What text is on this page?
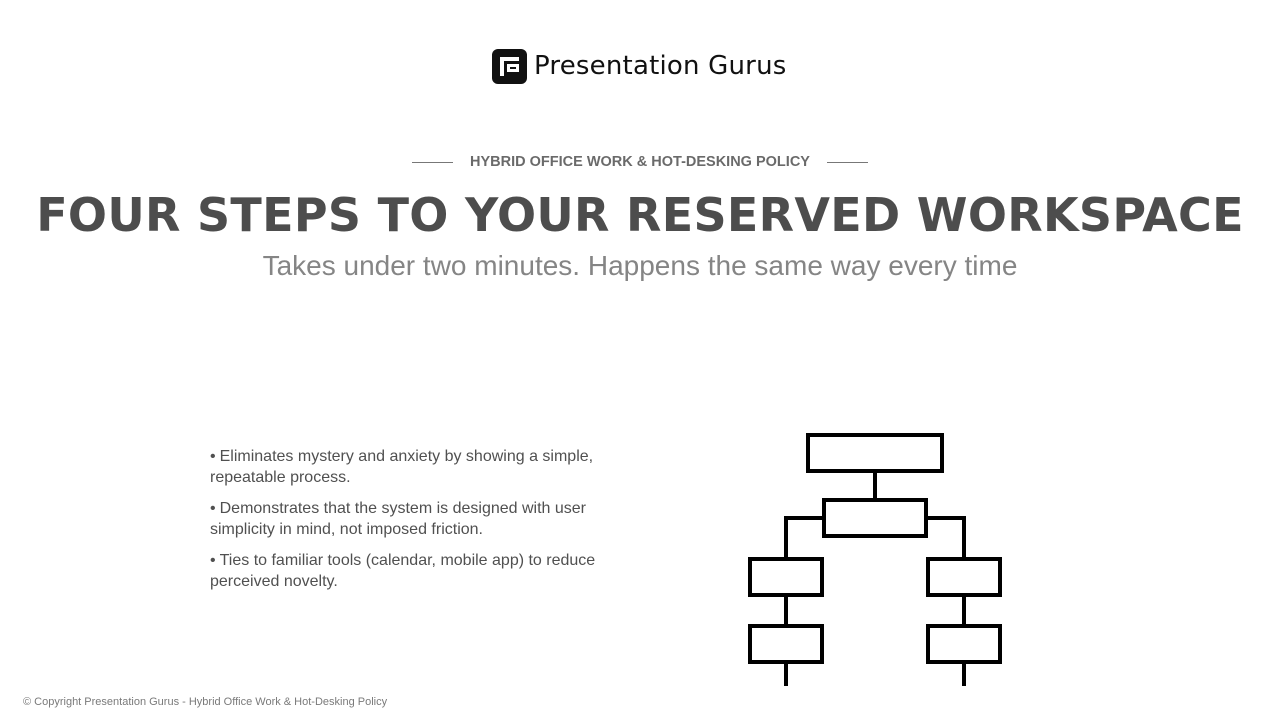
Presentation Gurus
HYBRID OFFICE WORK & HOT-DESKING POLICY
FOUR STEPS TO YOUR RESERVED WORKSPACE
Takes under two minutes. Happens the same way every time
• Eliminates mystery and anxiety by showing a simple, repeatable process.
• Demonstrates that the system is designed with user simplicity in mind, not imposed friction.
• Ties to familiar tools (calendar, mobile app) to reduce perceived novelty.
© Copyright Presentation Gurus - Hybrid Office Work & Hot-Desking Policy
